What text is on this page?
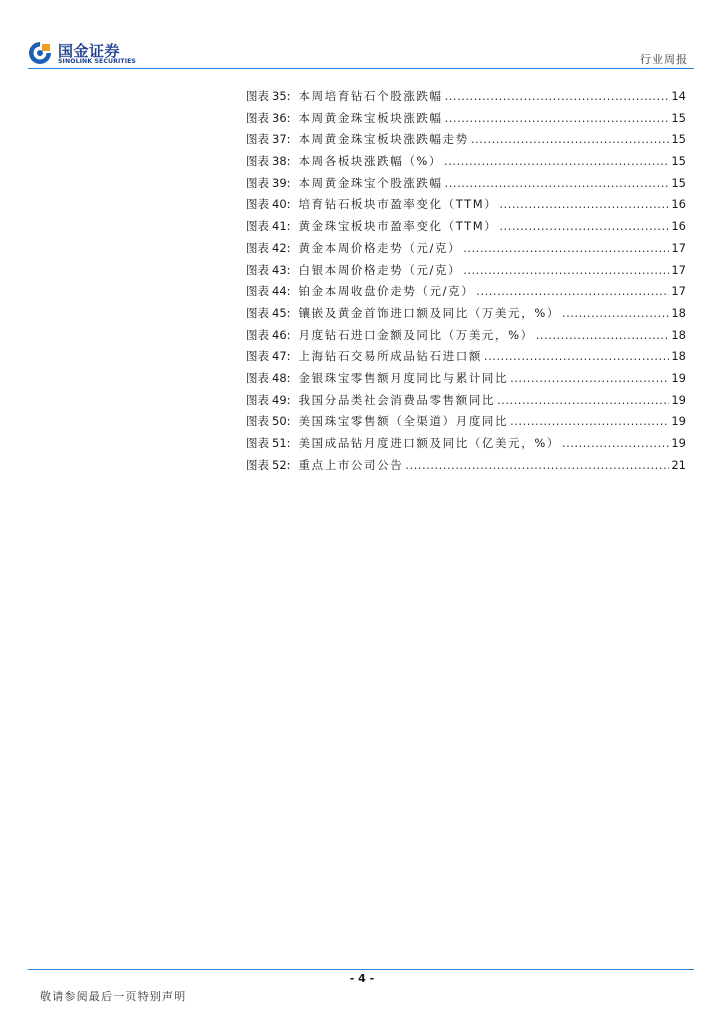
国金证券
SINOLINK SECURITIES	行业周报
图表 35: 本周培育钻石个股涨跌幅 .....	14
图表 36: 本周黄金珠宝板块涨跌幅 .....	15
图表 37: 本周黄金珠宝板块涨跌幅走势 .....	15
图表 38: 本周各板块涨跌幅（%） .....	15
图表 39: 本周黄金珠宝个股涨跌幅 .....	15
图表 40: 培育钻石板块市盈率变化（TTM） .....	16
图表 41: 黄金珠宝板块市盈率变化（TTM） .....	16
图表 42: 黄金本周价格走势（元/克） .....	17
图表 43: 白银本周价格走势（元/克） .....	17
图表 44: 铂金本周收盘价走势（元/克） .....	17
图表 45: 镶嵌及黄金首饰进口额及同比（万美元，%） .....	18
图表 46: 月度钻石进口金额及同比（万美元，%） .....	18
图表 47: 上海钻石交易所成品钻石进口额 .....	18
图表 48: 金银珠宝零售额月度同比与累计同比 .....	19
图表 49: 我国分品类社会消费品零售额同比 .....	19
图表 50: 美国珠宝零售额（全渠道）月度同比 .....	19
图表 51: 美国成品钻月度进口额及同比（亿美元，%） .....	19
图表 52: 重点上市公司公告 .....	21
- 4 -
敬请参阅最后一页特别声明
